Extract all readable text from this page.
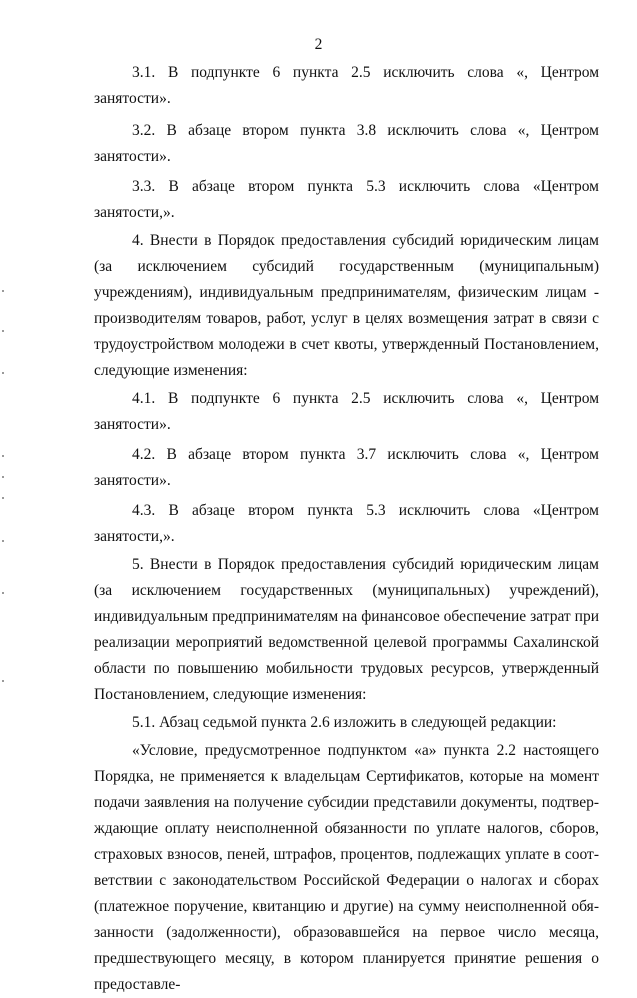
2

3.1. В подпункте 6 пункта 2.5 исключить слова «, Центром занятости».

3.2. В абзаце втором пункта 3.8 исключить слова «, Центром занятости».

3.3. В абзаце втором пункта 5.3 исключить слова «Центром занятости,».

4. Внести в Порядок предоставления субсидий юридическим лицам (за исключением субсидий государственным (муниципальным) учреждениям), индивидуальным предпринимателям, физическим лицам - производителям товаров, работ, услуг в целях возмещения затрат в связи с трудоустройством молодежи в счет квоты, утвержденный Постановлением, следующие изменения:

4.1. В подпункте 6 пункта 2.5 исключить слова «, Центром занятости».

4.2. В абзаце втором пункта 3.7 исключить слова «, Центром занятости».

4.3. В абзаце втором пункта 5.3 исключить слова «Центром занятости,».

5. Внести в Порядок предоставления субсидий юридическим лицам (за исключением государственных (муниципальных) учреждений), индивидуальным предпринимателям на финансовое обеспечение затрат при реализации мероприятий ведомственной целевой программы Сахалинской области по повышению мобильности трудовых ресурсов, утвержденный Постановлением, следующие изменения:

5.1. Абзац седьмой пункта 2.6 изложить в следующей редакции:

«Условие, предусмотренное подпунктом «а» пункта 2.2 настоящего Порядка, не применяется к владельцам Сертификатов, которые на момент подачи заявления на получение субсидии представили документы, подтверждающие оплату неисполненной обязанности по уплате налогов, сборов, страховых взносов, пеней, штрафов, процентов, подлежащих уплате в соответствии с законодательством Российской Федерации о налогах и сборах (платежное поручение, квитанцию и другие) на сумму неисполненной обязанности (задолженности), образовавшейся на первое число месяца, предшествующего месяцу, в котором планируется принятие решения о предоставле-
